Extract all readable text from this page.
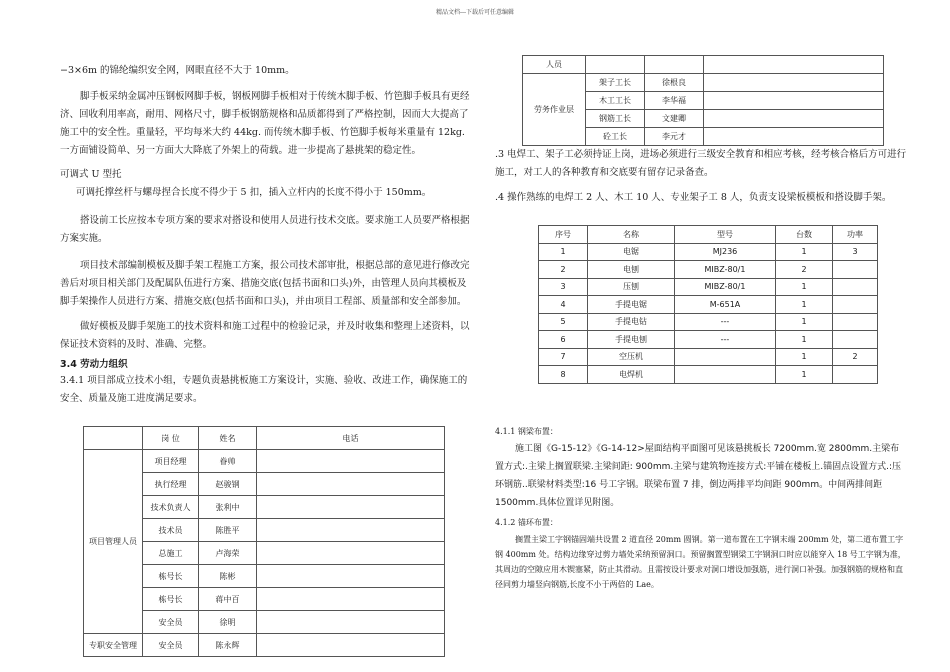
精品文档---下载后可任意编辑
−3×6m 的锦纶编织安全网，网眼直径不大于 10mm。
脚手板采纳金属冲压钢板网脚手板，钢板网脚手板相对于传统木脚手板、竹笆脚手板具有更经济、回收利用率高，耐用、网格尺寸，脚手板钢筋规格和品质都得到了严格控制，因而大大提高了施工中的安全性。重量轻，平均每米大约 44kg. 而传统木脚手板、竹笆脚手板每米重量有 12kg. 一方面铺设简单、另一方面大大降底了外架上的荷载。进一步提高了悬挑架的稳定性。
可调式 U 型托
可调托撑丝杆与螺母捏合长度不得少于 5 扣，插入立杆内的长度不得小于 150mm。
搭设前工长应按本专项方案的要求对搭设和使用人员进行技术交底。要求施工人员要严格根据方案实施。
项目技术部编制模板及脚手架工程施工方案，报公司技术部审批，根据总部的意见进行修改完善后对项目相关部门及配属队伍进行方案、措施交底(包括书面和口头)外，由管理人员向其模板及脚手架操作人员进行方案、措施交底(包括书面和口头)，并由项目工程部、质量部和安全部参加。
做好模板及脚手架施工的技术资料和施工过程中的检验记录，并及时收集和整理上述资料，以保证技术资料的及时、准确、完整。
3.4 劳动力组织
3.4.1 项目部成立技术小组，专题负责悬挑板施工方案设计，实施、验收、改进工作，确保施工的安全、质量及施工进度满足要求。
	岗 位	姓名	电话
项目管理人员	项目经理	眷帅	
	执行经理	赵骏钢	
	技术负责人	张利中	
	技术员	陈胜平	
	总施工	卢海荣	
	栋号长	陈彬	
	栋号长	蒋中百	
	安全员	徐明	
专职安全管理	安全员	陈永辉	
人员			
劳务作业层	架子工长	徐根良	
	木工工长	李华福	
	钢筋工长	文建卿	
	砼工长	李元才	
.3 电焊工、架子工必须持证上岗，进场必须进行三级安全教育和相应考核，经考核合格后方可进行施工，对工人的各种教育和交底要有留存记录备查。
.4 操作熟练的电焊工 2 人、木工 10 人、专业架子工 8 人，负责支设梁板模板和搭设脚手架。
序号	名称	型号	台数	功率
1	电锯	MJ236	1	3
2	电刨	MIBZ-80/1	2	
3	压刨	MIBZ-80/1	1	
4	手提电锯	M-651A	1	
5	手提电钻	---	1	
6	手提电刨	---	1	
7	空压机		1	2
8	电焊机		1	
4.1.1 钢梁布置：
施工图《G-15-12》《G-14-12>屋面结构平面图可见该悬挑板长 7200mm.宽 2800mm.主梁布置方式:.主梁上搁置联梁.主梁间距: 900mm.主梁与建筑物连接方式:平铺在楼板上.锚固点设置方式.:压环钢筋..联梁材料类型:16 号工字钢。联梁布置 7 排，倒边两排平均间距 900mm。中间两排间距 1500mm.具体位置详见附图。
4.1.2 锚环布置：
搁置主梁工字钢锚固端共设置 2 道直径 20mm 圆钢。第一道布置在工字钢末端 200mm 处，第二道布置工字钢 400mm 处。结构边缘穿过剪力墙处采纳预留洞口。预留搁置型钢梁工字钢洞口时应以能穿入 18 号工字钢为准，其周边的空隙应用木锲塞紧，防止其滑动。且需按设计要求对洞口增设加强筋，进行洞口补强。加强钢筋的规格和直径同剪力墙竖向钢筋,长度不小于两倍的 Lae。
